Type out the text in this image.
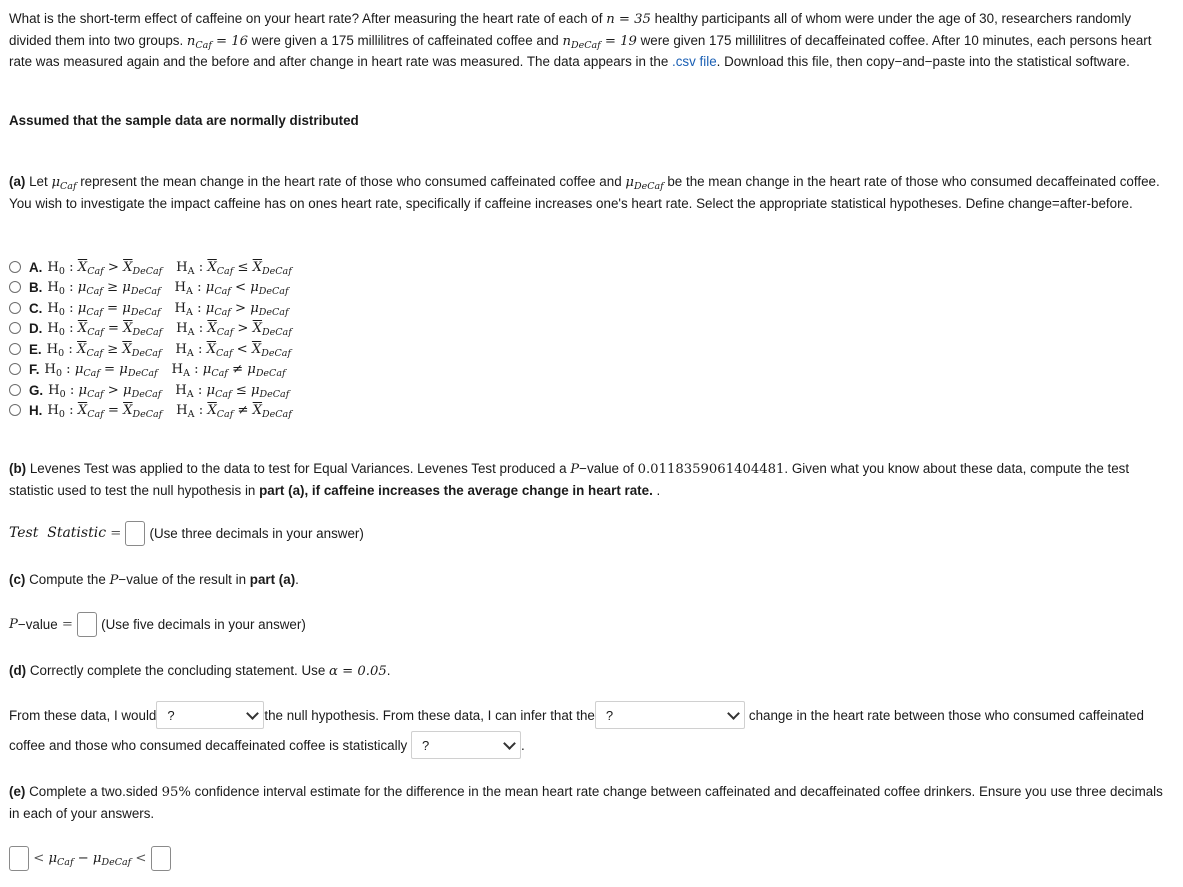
What is the short-term effect of caffeine on your heart rate? After measuring the heart rate of each of n = 35 healthy participants all of whom were under the age of 30, researchers randomly divided them into two groups. $n_{Caf} = 16$ were given a 175 millilitres of caffeinated coffee and $n_{DeCaf} = 19$ were given 175 millilitres of decaffeinated coffee. After 10 minutes, each persons heart rate was measured again and the before and after change in heart rate was measured. The data appears in the .csv file. Download this file, then copy−and−paste into the statistical software.
Assumed that the sample data are normally distributed
(a) Let $\mu_{Caf}$ represent the mean change in the heart rate of those who consumed caffeinated coffee and $\mu_{DeCaf}$ be the mean change in the heart rate of those who consumed decaffeinated coffee. You wish to investigate the impact caffeine has on ones heart rate, specifically if caffeine increases one's heart rate. Select the appropriate statistical hypotheses. Define change=after-before.
A. $H_0$ : $\overline{X}_{Caf} > \overline{X}_{DeCaf}$ $H_A$ : $\overline{X}_{Caf} \le \overline{X}_{DeCaf}$
B. $H_0$ : $\mu_{Caf} \ge \mu_{DeCaf}$ $H_A$ : $\mu_{Caf} < \mu_{DeCaf}$
C. $H_0$ : $\mu_{Caf} = \mu_{DeCaf}$ $H_A$ : $\mu_{Caf} > \mu_{DeCaf}$
D. $H_0$ : $\overline{X}_{Caf} = \overline{X}_{DeCaf}$ $H_A$ : $\overline{X}_{Caf} > \overline{X}_{DeCaf}$
E. $H_0$ : $\overline{X}_{Caf} \ge \overline{X}_{DeCaf}$ $H_A$ : $\overline{X}_{Caf} < \overline{X}_{DeCaf}$
F. $H_0$ : $\mu_{Caf} = \mu_{DeCaf}$ $H_A$ : $\mu_{Caf} \ne \mu_{DeCaf}$
G. $H_0$ : $\mu_{Caf} > \mu_{DeCaf}$ $H_A$ : $\mu_{Caf} \le \mu_{DeCaf}$
H. $H_0$ : $\overline{X}_{Caf} = \overline{X}_{DeCaf}$ $H_A$ : $\overline{X}_{Caf} \ne \overline{X}_{DeCaf}$
(b) Levenes Test was applied to the data to test for Equal Variances. Levenes Test produced a P−value of 0.0118359061404481. Given what you know about these data, compute the test statistic used to test the null hypothesis in part (a), if caffeine increases the average change in heart rate. .
Test  Statistic = (Use three decimals in your answer)
(c) Compute the P−value of the result in part (a).
P −value = (Use five decimals in your answer)
(d) Correctly complete the concluding statement. Use α = 0.05.
From these data, I would ?	the null hypothesis. From these data, I can infer that the ?	change in the heart rate between those who consumed caffeinated
coffee and those who consumed decaffeinated coffee is statistically ?	.
(e) Complete a two.sided 95% confidence interval estimate for the difference in the mean heart rate change between caffeinated and decaffeinated coffee drinkers. Ensure you use three decimals in each of your answers.
< $\mu_{Caf} - \mu_{DeCaf}$ <
